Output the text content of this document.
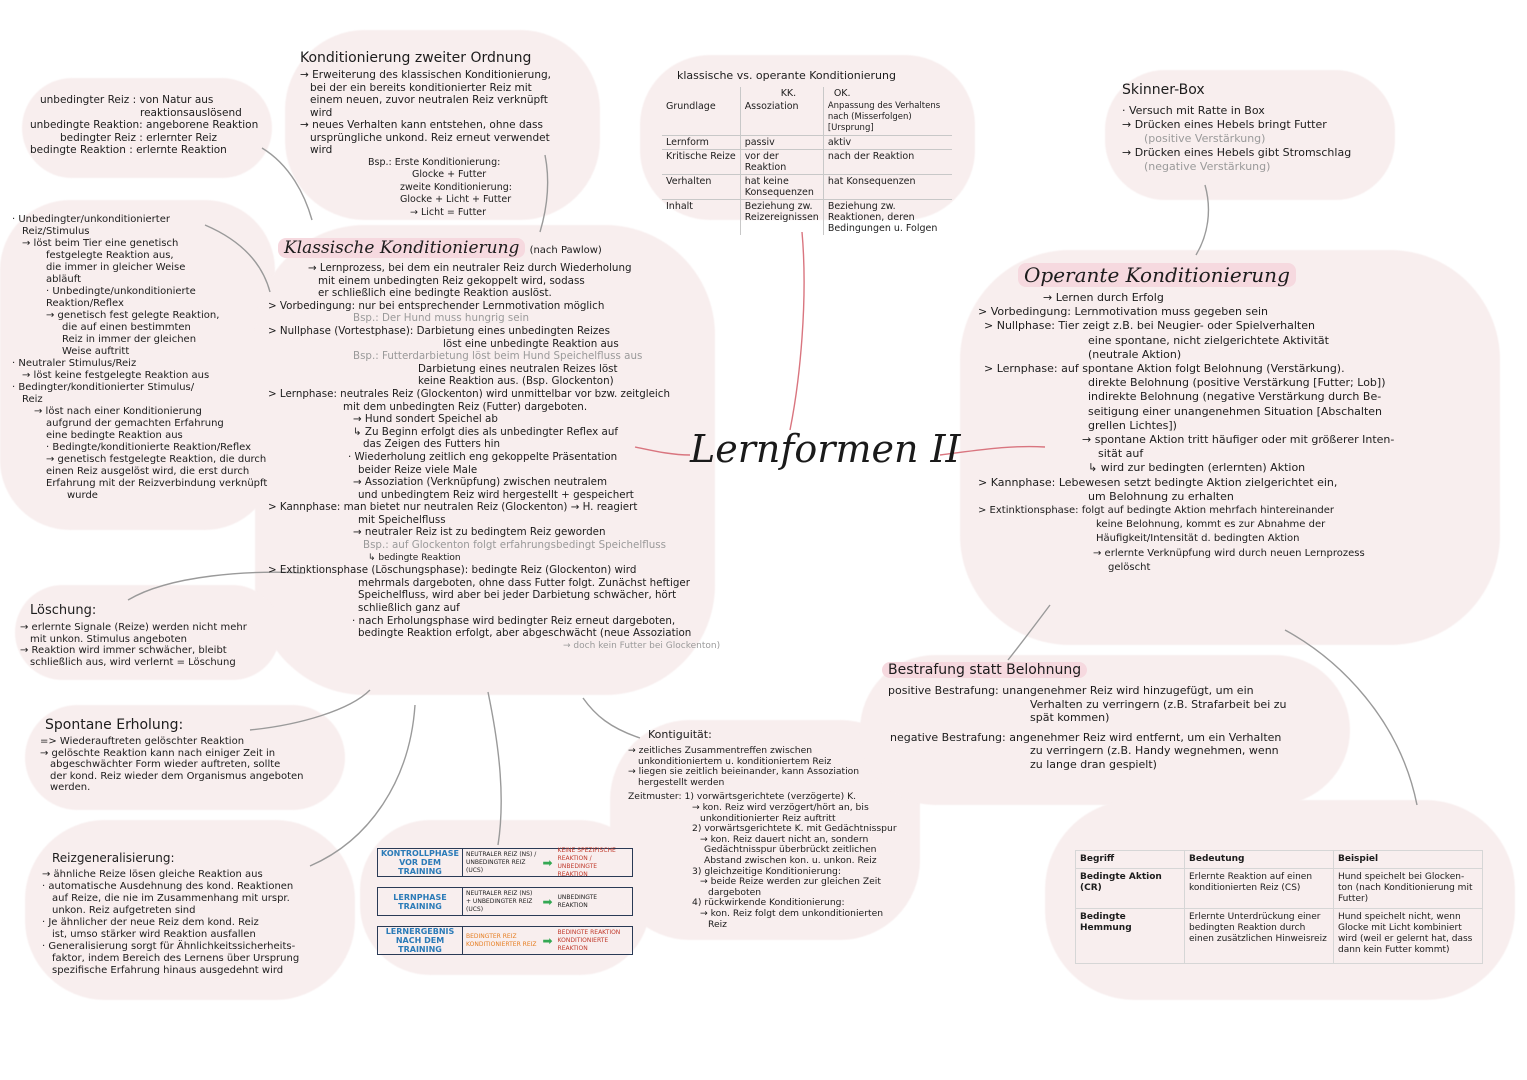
Lernformen II
unbedingter Reiz : von Natur aus
reaktionsauslösend
unbedingte Reaktion: angeborene Reaktion
bedingter Reiz : erlernter Reiz
bedingte Reaktion : erlernte Reaktion
Konditionierung zweiter Ordnung
→ Erweiterung des klassischen Konditionierung,
bei der ein bereits konditionierter Reiz mit
einem neuen, zuvor neutralen Reiz verknüpft
wird
→ neues Verhalten kann entstehen, ohne dass
ursprüngliche unkond. Reiz erneut verwendet
wird
Bsp.: Erste Konditionierung:
Glocke + Futter
zweite Konditionierung:
Glocke + Licht + Futter
→ Licht = Futter
klassische vs. operante Konditionierung
	KK.	OK.
Grundlage	Assoziation	Anpassung des Verhaltens nach (Misserfolgen) [Ursprung]
Lernform	passiv	aktiv
Kritische Reize	vor der Reaktion	nach der Reaktion
Verhalten	hat keine Konsequenzen	hat Konsequenzen
Inhalt	Beziehung zw. Reizereignissen	Beziehung zw. Reaktionen, deren Bedingungen u. Folgen
Skinner-Box
· Versuch mit Ratte in Box
→ Drücken eines Hebels bringt Futter
(positive Verstärkung)
→ Drücken eines Hebels gibt Stromschlag
(negative Verstärkung)
· Unbedingter/unkonditionierter
Reiz/Stimulus
→ löst beim Tier eine genetisch
festgelegte Reaktion aus,
die immer in gleicher Weise
abläuft
· Unbedingte/unkonditionierte
Reaktion/Reflex
→ genetisch fest gelegte Reaktion,
die auf einen bestimmten
Reiz in immer der gleichen
Weise auftritt
· Neutraler Stimulus/Reiz
→ löst keine festgelegte Reaktion aus
· Bedingter/konditionierter Stimulus/
Reiz
→ löst nach einer Konditionierung
aufgrund der gemachten Erfahrung
eine bedingte Reaktion aus
· Bedingte/konditionierte Reaktion/Reflex
→ genetisch festgelegte Reaktion, die durch
einen Reiz ausgelöst wird, die erst durch
Erfahrung mit der Reizverbindung verknüpft
wurde
Klassische Konditionierung (nach Pawlow)
→ Lernprozess, bei dem ein neutraler Reiz durch Wiederholung
mit einem unbedingten Reiz gekoppelt wird, sodass
er schließlich eine bedingte Reaktion auslöst.
> Vorbedingung: nur bei entsprechender Lernmotivation möglich
Bsp.: Der Hund muss hungrig sein
> Nullphase (Vortestphase): Darbietung eines unbedingten Reizes
löst eine unbedingte Reaktion aus
Bsp.: Futterdarbietung löst beim Hund Speichelfluss aus
Darbietung eines neutralen Reizes löst
keine Reaktion aus. (Bsp. Glockenton)
> Lernphase: neutrales Reiz (Glockenton) wird unmittelbar vor bzw. zeitgleich
mit dem unbedingten Reiz (Futter) dargeboten.
→ Hund sondert Speichel ab
↳ Zu Beginn erfolgt dies als unbedingter Reflex auf
das Zeigen des Futters hin
· Wiederholung zeitlich eng gekoppelte Präsentation
beider Reize viele Male
→ Assoziation (Verknüpfung) zwischen neutralem
und unbedingtem Reiz wird hergestellt + gespeichert
> Kannphase: man bietet nur neutralen Reiz (Glockenton) → H. reagiert
mit Speichelfluss
→ neutraler Reiz ist zu bedingtem Reiz geworden
Bsp.: auf Glockenton folgt erfahrungsbedingt Speichelfluss
↳ bedingte Reaktion
> Extinktionsphase (Löschungsphase): bedingte Reiz (Glockenton) wird
mehrmals dargeboten, ohne dass Futter folgt. Zunächst heftiger
Speichelfluss, wird aber bei jeder Darbietung schwächer, hört
schließlich ganz auf
· nach Erholungsphase wird bedingter Reiz erneut dargeboten,
bedingte Reaktion erfolgt, aber abgeschwächt (neue Assoziation
→ doch kein Futter bei Glockenton)
Operante Konditionierung
→ Lernen durch Erfolg
> Vorbedingung: Lernmotivation muss gegeben sein
> Nullphase: Tier zeigt z.B. bei Neugier- oder Spielverhalten
eine spontane, nicht zielgerichtete Aktivität
(neutrale Aktion)
> Lernphase: auf spontane Aktion folgt Belohnung (Verstärkung).
direkte Belohnung (positive Verstärkung [Futter; Lob])
indirekte Belohnung (negative Verstärkung durch Be-
seitigung einer unangenehmen Situation [Abschalten
grellen Lichtes])
→ spontane Aktion tritt häufiger oder mit größerer Inten-
sität auf
↳ wird zur bedingten (erlernten) Aktion
> Kannphase: Lebewesen setzt bedingte Aktion zielgerichtet ein,
um Belohnung zu erhalten
> Extinktionsphase: folgt auf bedingte Aktion mehrfach hintereinander
keine Belohnung, kommt es zur Abnahme der
Häufigkeit/Intensität d. bedingten Aktion
→ erlernte Verknüpfung wird durch neuen Lernprozess
gelöscht
Löschung:
→ erlernte Signale (Reize) werden nicht mehr
mit unkon. Stimulus angeboten
→ Reaktion wird immer schwächer, bleibt
schließlich aus, wird verlernt = Löschung
Spontane Erholung:
=> Wiederauftreten gelöschter Reaktion
→ gelöschte Reaktion kann nach einiger Zeit in
abgeschwächter Form wieder auftreten, sollte
der kond. Reiz wieder dem Organismus angeboten
werden.
Reizgeneralisierung:
→ ähnliche Reize lösen gleiche Reaktion aus
· automatische Ausdehnung des kond. Reaktionen
auf Reize, die nie im Zusammenhang mit urspr.
unkon. Reiz aufgetreten sind
· Je ähnlicher der neue Reiz dem kond. Reiz
ist, umso stärker wird Reaktion ausfallen
· Generalisierung sorgt für Ähnlichkeitssicherheits-
faktor, indem Bereich des Lernens über Ursprung
spezifische Erfahrung hinaus ausgedehnt wird
KONTROLLPHASE VOR DEM TRAINING
NEUTRALER REIZ (NS) / UNBEDINGTER REIZ (UCS)
➡
KEINE SPEZIFISCHE REAKTION / UNBEDINGTE REAKTION
LERNPHASE TRAINING
NEUTRALER REIZ (NS) + UNBEDINGTER REIZ (UCS)
➡ UNBEDINGTE REAKTION
LERNERGEBNIS NACH DEM TRAINING
BEDINGTER REIZ KONDITIONIERTER REIZ ➡
BEDINGTE REAKTION KONDITIONIERTE REAKTION
Kontiguität:
→ zeitliches Zusammentreffen zwischen
unkonditioniertem u. konditioniertem Reiz
→ liegen sie zeitlich beieinander, kann Assoziation
hergestellt werden
Zeitmuster: 1) vorwärtsgerichtete (verzögerte) K.
→ kon. Reiz wird verzögert/hört an, bis
unkonditionierter Reiz auftritt
2) vorwärtsgerichtete K. mit Gedächtnisspur
→ kon. Reiz dauert nicht an, sondern
Gedächtnisspur überbrückt zeitlichen
Abstand zwischen kon. u. unkon. Reiz
3) gleichzeitige Konditionierung:
→ beide Reize werden zur gleichen Zeit
dargeboten
4) rückwirkende Konditionierung:
→ kon. Reiz folgt dem unkonditionierten
Reiz
Bestrafung statt Belohnung
positive Bestrafung: unangenehmer Reiz wird hinzugefügt, um ein
Verhalten zu verringern (z.B. Strafarbeit bei zu
spät kommen)
negative Bestrafung: angenehmer Reiz wird entfernt, um ein Verhalten
zu verringern (z.B. Handy wegnehmen, wenn
zu lange dran gespielt)
Begriff	Bedeutung	Beispiel
Bedingte Aktion (CR)	Erlernte Reaktion auf einen konditionierten Reiz (CS)	Hund speichelt bei Glocken-ton (nach Konditionierung mit Futter)
Bedingte Hemmung	Erlernte Unterdrückung einer bedingten Reaktion durch einen zusätzlichen Hinweisreiz	Hund speichelt nicht, wenn Glocke mit Licht kombiniert wird (weil er gelernt hat, dass dann kein Futter kommt)
